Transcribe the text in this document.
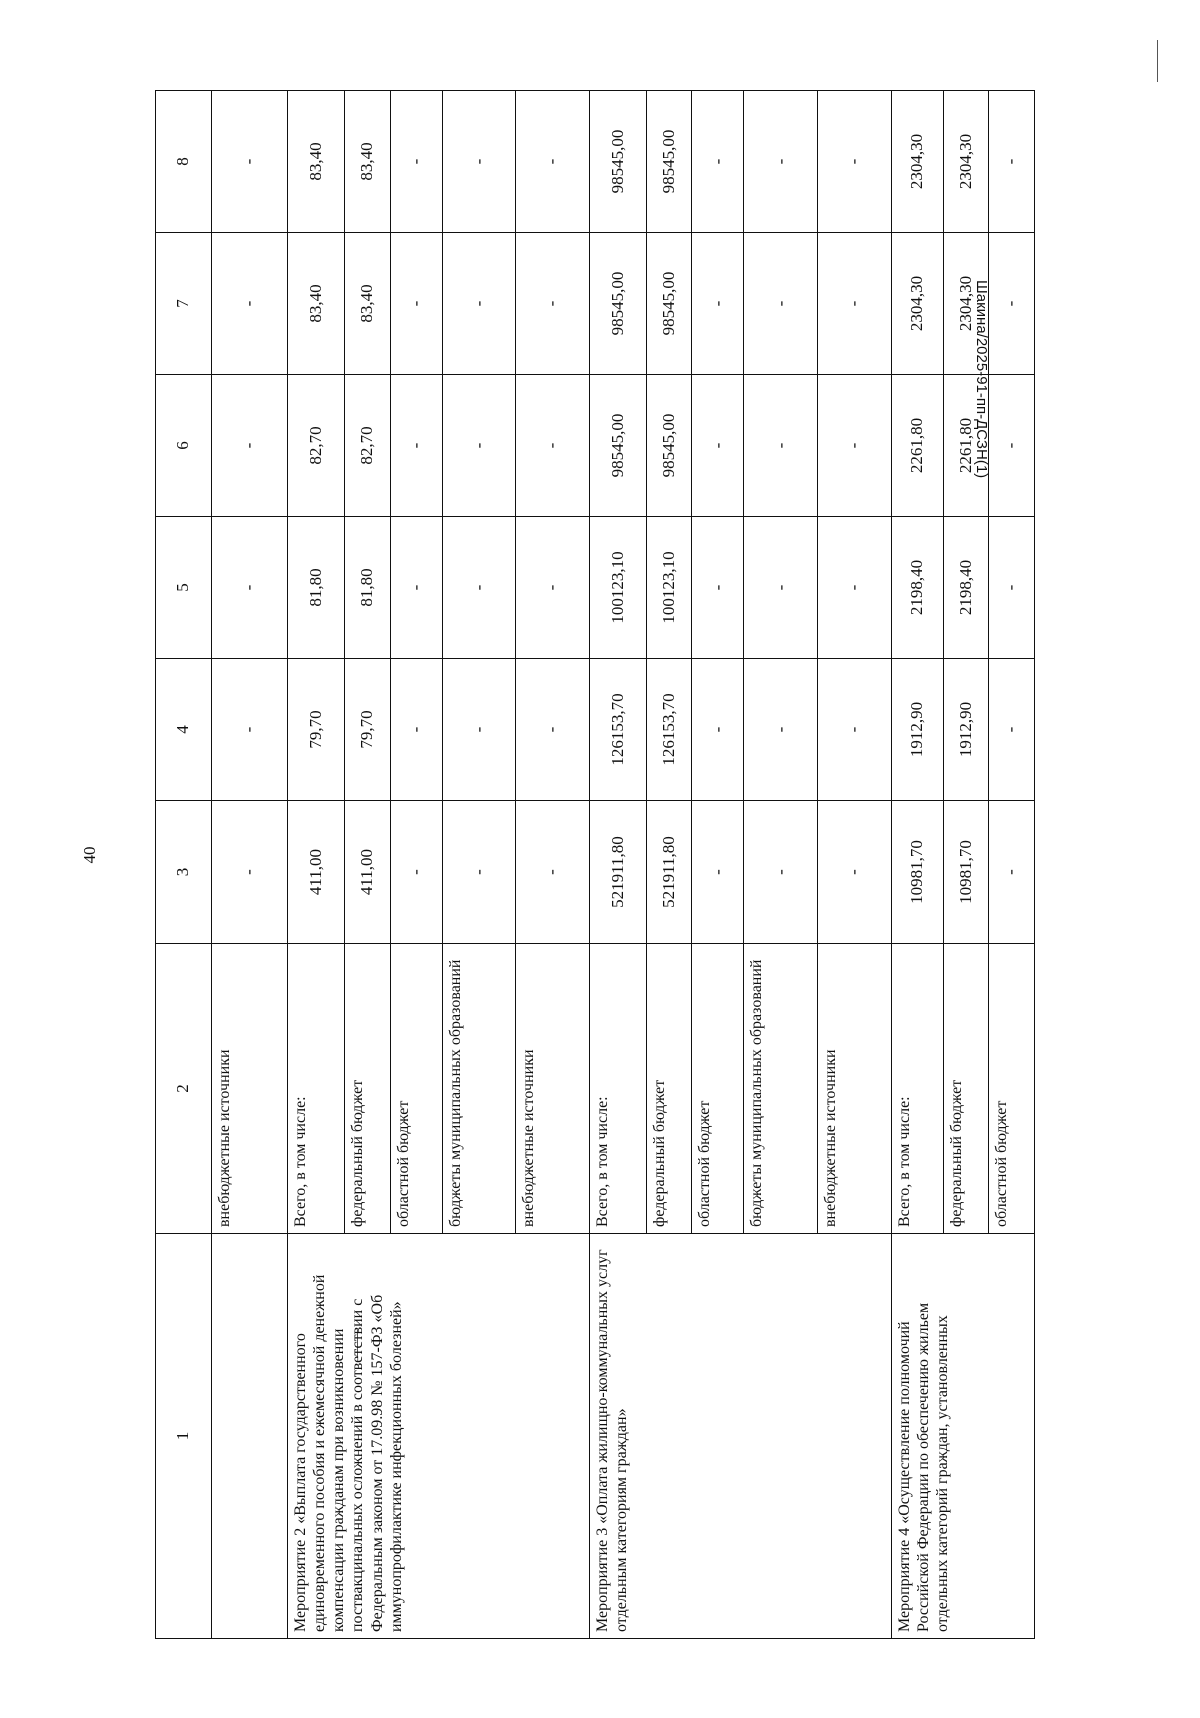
40
Шакина/2025-91-пп-ДСЗН(1)
1	2	3	4	5	6	7	8
	внебюджетные источники	-	-	-	-	-	-
Мероприятие 2 «Выплата государственного единовременного пособия и ежемесячной денежной компенсации гражданам при возникновении поствакцинальных осложнений в соответствии с Федеральным законом от 17.09.98 № 157-ФЗ «Об иммунопрофилактике инфекционных болезней»	Всего, в том числе:	411,00	79,70	81,80	82,70	83,40	83,40
	федеральный бюджет	411,00	79,70	81,80	82,70	83,40	83,40
	областной бюджет	-	-	-	-	-	-
	бюджеты муниципальных образований	-	-	-	-	-	-
	внебюджетные источники	-	-	-	-	-	-
Мероприятие 3 «Оплата жилищно-коммунальных услуг отдельным категориям граждан»	Всего, в том числе:	521911,80	126153,70	100123,10	98545,00	98545,00	98545,00
	федеральный бюджет	521911,80	126153,70	100123,10	98545,00	98545,00	98545,00
	областной бюджет	-	-	-	-	-	-
	бюджеты муниципальных образований	-	-	-	-	-	-
	внебюджетные источники	-	-	-	-	-	-
Мероприятие 4 «Осуществление полномочий Российской Федерации по обеспечению жильем отдельных категорий граждан, установленных	Всего, в том числе:	10981,70	1912,90	2198,40	2261,80	2304,30	2304,30
	федеральный бюджет	10981,70	1912,90	2198,40	2261,80	2304,30	2304,30
	областной бюджет	-	-	-	-	-	-
